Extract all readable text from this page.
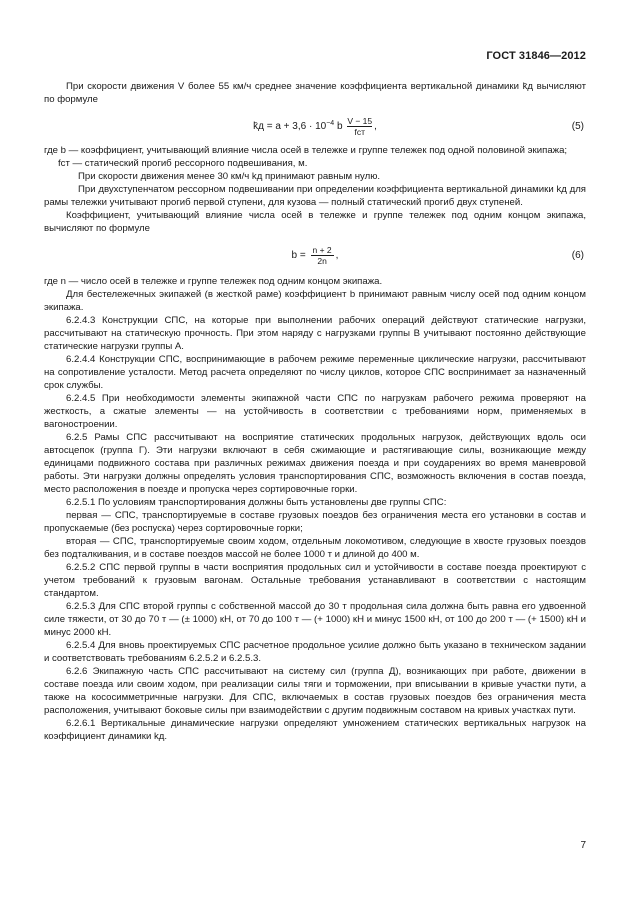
ГОСТ 31846—2012

При скорости движения V более 55 км/ч среднее значение коэффициента вертикальной динамики k̄д вычисляют по формуле

k̄д = $a + 3,6 \cdot 10^{-4}$ b
V − 15
fст ,	(5)

где b — коэффициент, учитывающий влияние числа осей в тележке и группе тележек под одной половиной экипажа;

fст — статический прогиб рессорного подвешивания, м.

При скорости движения менее 30 км/ч kд принимают равным нулю.

При двухступенчатом рессорном подвешивании при определении коэффициента вертикальной динамики kд для рамы тележки учитывают прогиб первой ступени, для кузова — полный статический прогиб двух ступеней.

Коэффициент, учитывающий влияние числа осей в тележке и группе тележек под одним концом экипажа, вычисляют по формуле

$b = \frac{n + 2}{2n}$ ,	(6)

где n — число осей в тележке и группе тележек под одним концом экипажа.

Для бестележечных экипажей (в жесткой раме) коэффициент b принимают равным числу осей под одним концом экипажа.

6.2.4.3 Конструкции СПС, на которые при выполнении рабочих операций действуют статические нагрузки, рассчитывают на статическую прочность. При этом наряду с нагрузками группы В учитывают постоянно действующие статические нагрузки группы А.

6.2.4.4 Конструкции СПС, воспринимающие в рабочем режиме переменные циклические нагрузки, рассчитывают на сопротивление усталости. Метод расчета определяют по числу циклов, которое СПС воспринимает за назначенный срок службы.

6.2.4.5 При необходимости элементы экипажной части СПС по нагрузкам рабочего режима проверяют на жесткость, а сжатые элементы — на устойчивость в соответствии с требованиями норм, применяемых в вагоностроении.

6.2.5 Рамы СПС рассчитывают на восприятие статических продольных нагрузок, действующих вдоль оси автосцепок (группа Г). Эти нагрузки включают в себя сжимающие и растягивающие силы, возникающие между единицами подвижного состава при различных режимах движения поезда и при соударениях во время маневровой работы. Эти нагрузки должны определять условия транспортирования СПС, возможность включения в состав поезда, место расположения в поезде и пропуска через сортировочные горки.

6.2.5.1 По условиям транспортирования должны быть установлены две группы СПС:

первая — СПС, транспортируемые в составе грузовых поездов без ограничения места его установки в состав и пропускаемые (без роспуска) через сортировочные горки;

вторая — СПС, транспортируемые своим ходом, отдельным локомотивом, следующие в хвосте грузовых поездов без подталкивания, и в составе поездов массой не более 1000 т и длиной до 400 м.

6.2.5.2 СПС первой группы в части восприятия продольных сил и устойчивости в составе поезда проектируют с учетом требований к грузовым вагонам. Остальные требования устанавливают в соответствии с настоящим стандартом.

6.2.5.3 Для СПС второй группы с собственной массой до 30 т продольная сила должна быть равна его удвоенной силе тяжести, от 30 до 70 т — (± 1000) кН, от 70 до 100 т — (+ 1000) кН и минус 1500 кН, от 100 до 200 т — (+ 1500) кН и минус 2000 кН.

6.2.5.4 Для вновь проектируемых СПС расчетное продольное усилие должно быть указано в техническом задании и соответствовать требованиям 6.2.5.2 и 6.2.5.3.

6.2.6 Экипажную часть СПС рассчитывают на систему сил (группа Д), возникающих при работе, движении в составе поезда или своим ходом, при реализации силы тяги и торможении, при вписывании в кривые участки пути, а также на кососимметричные нагрузки. Для СПС, включаемых в состав грузовых поездов без ограничения места расположения, учитывают боковые силы при взаимодействии с другим подвижным составом на кривых участках пути.

6.2.6.1 Вертикальные динамические нагрузки определяют умножением статических вертикальных нагрузок на коэффициент динамики kд.

7
